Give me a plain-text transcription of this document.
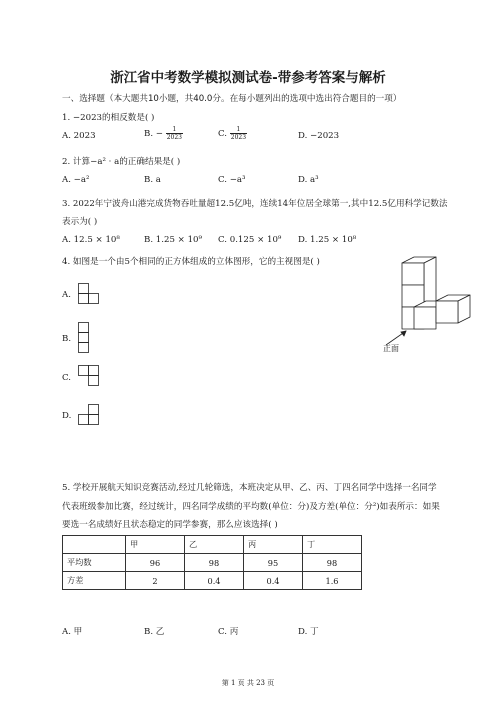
浙江省中考数学模拟测试卷-带参考答案与解析
一、选择题（本大题共10小题，共40.0分。在每小题列出的选项中选出符合题目的一项）
1. −2023的相反数是( )
A. 2023	B. − $\frac{1}{2023}$	C. $\frac{1}{2023}$	D. −2023
2. 计算−a² · a的正确结果是( )
A. −a²	B. a	C. −a³	D. a³
3. 2022年宁波舟山港完成货物吞吐量超12.5亿吨，连续14年位居全球第一,其中12.5亿用科学记数法
表示为( )
A. 12.5 × 10⁸	B. 1.25 × 10⁹ C. 0.125 × 10⁹ D. 1.25 × 10⁸
4. 如图是一个由5个相同的正方体组成的立体图形，它的主视图是( )
A.
B.
C.
D.
正面
5. 学校开展航天知识竞赛活动,经过几轮筛选，本班决定从甲、乙、丙、丁四名同学中选择一名同学
代表班级参加比赛，经过统计，四名同学成绩的平均数(单位：分)及方差(单位：分²)如表所示：如果
要选一名成绩好且状态稳定的同学参赛，那么应该选择( )
	甲	乙	丙	丁
平均数	96	98	95	98
方差	2	0.4	0.4	1.6
A. 甲	B. 乙	C. 丙	D. 丁
第 1 页 共 23 页
